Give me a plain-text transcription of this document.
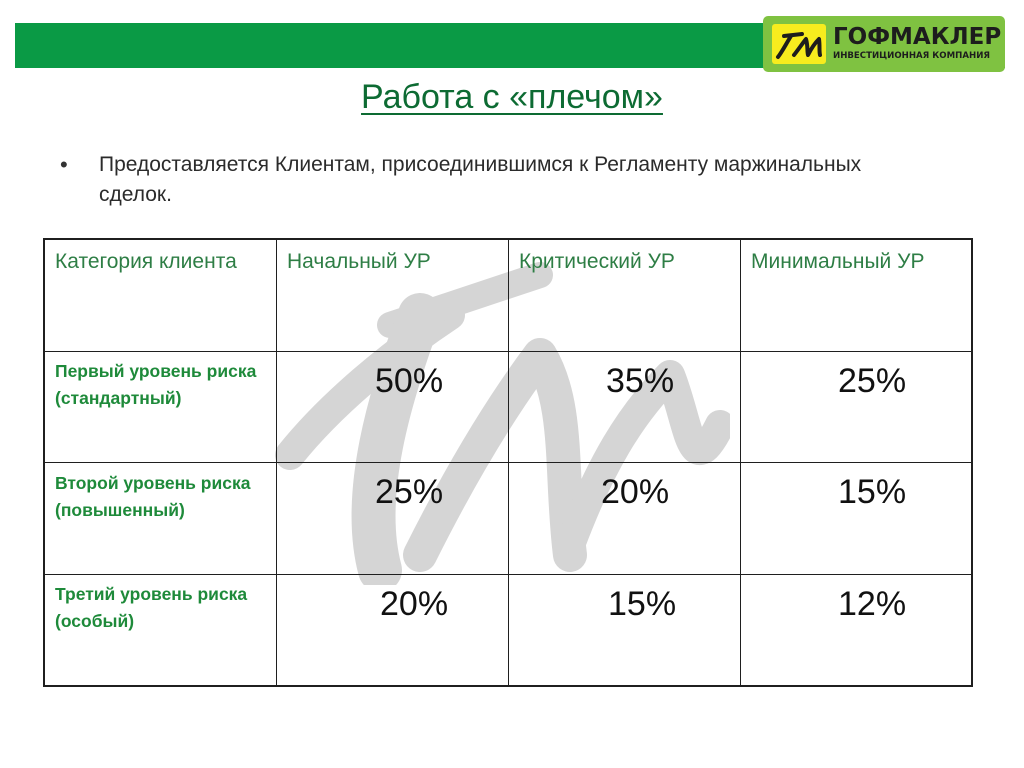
ГОФМАКЛЕР
ИНВЕСТИЦИОННАЯ КОМПАНИЯ
Работа с «плечом»
• Предоставляется Клиентам, присоединившимся к Регламенту маржинальных сделок.
Категория клиента	Начальный УР	Критический УР	Минимальный УР
Первый уровень риска (стандартный)	50%	35%	25%
Второй уровень риска (повышенный)	25%	20%	15%
Третий уровень риска (особый)	20%	15%	12%
